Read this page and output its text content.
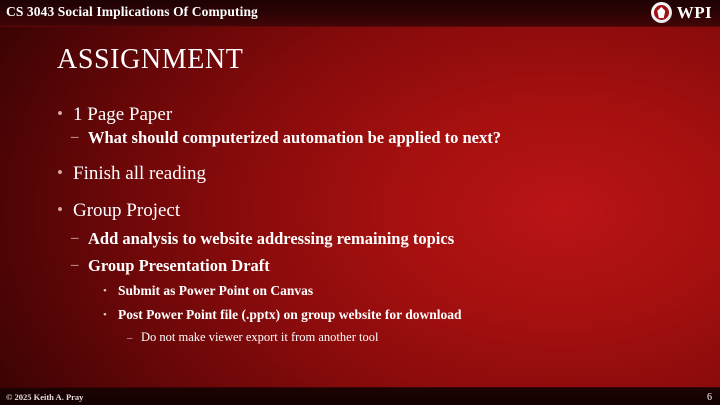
CS 3043 Social Implications Of Computing	WPI
ASSIGNMENT
• 1 Page Paper
– What should computerized automation be applied to next?
• Finish all reading
• Group Project
– Add analysis to website addressing remaining topics
– Group Presentation Draft
• Submit as Power Point on Canvas
• Post Power Point file (.pptx) on group website for download
– Do not make viewer export it from another tool
© 2025 Keith A. Pray	6
